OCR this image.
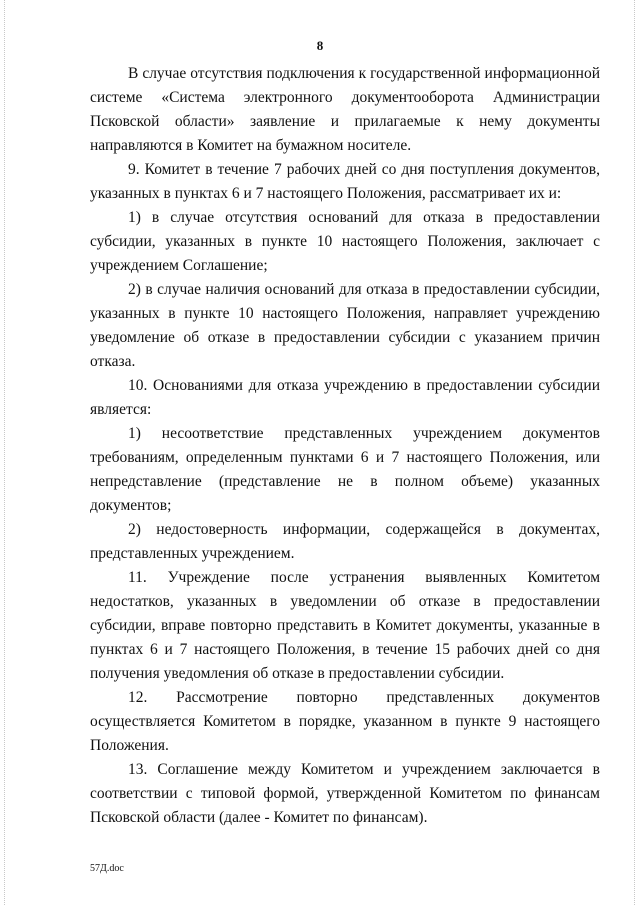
8

В случае отсутствия подключения к государственной информационной системе «Система электронного документооборота Администрации Псковской области» заявление и прилагаемые к нему документы направляются в Комитет на бумажном носителе.

9. Комитет в течение 7 рабочих дней со дня поступления документов, указанных в пунктах 6 и 7 настоящего Положения, рассматривает их и:

1) в случае отсутствия оснований для отказа в предоставлении субсидии, указанных в пункте 10 настоящего Положения, заключает с учреждением Соглашение;

2) в случае наличия оснований для отказа в предоставлении субсидии, указанных в пункте 10 настоящего Положения, направляет учреждению уведомление об отказе в предоставлении субсидии с указанием причин отказа.

10. Основаниями для отказа учреждению в предоставлении субсидии является:

1) несоответствие представленных учреждением документов требованиям, определенным пунктами 6 и 7 настоящего Положения, или непредставление (представление не в полном объеме) указанных документов;

2) недостоверность информации, содержащейся в документах, представленных учреждением.

11. Учреждение после устранения выявленных Комитетом недостатков, указанных в уведомлении об отказе в предоставлении субсидии, вправе повторно представить в Комитет документы, указанные в пунктах 6 и 7 настоящего Положения, в течение 15 рабочих дней со дня получения уведомления об отказе в предоставлении субсидии.

12. Рассмотрение повторно представленных документов осуществляется Комитетом в порядке, указанном в пункте 9 настоящего Положения.

13. Соглашение между Комитетом и учреждением заключается в соответствии с типовой формой, утвержденной Комитетом по финансам Псковской области (далее - Комитет по финансам).

57Д.doc
